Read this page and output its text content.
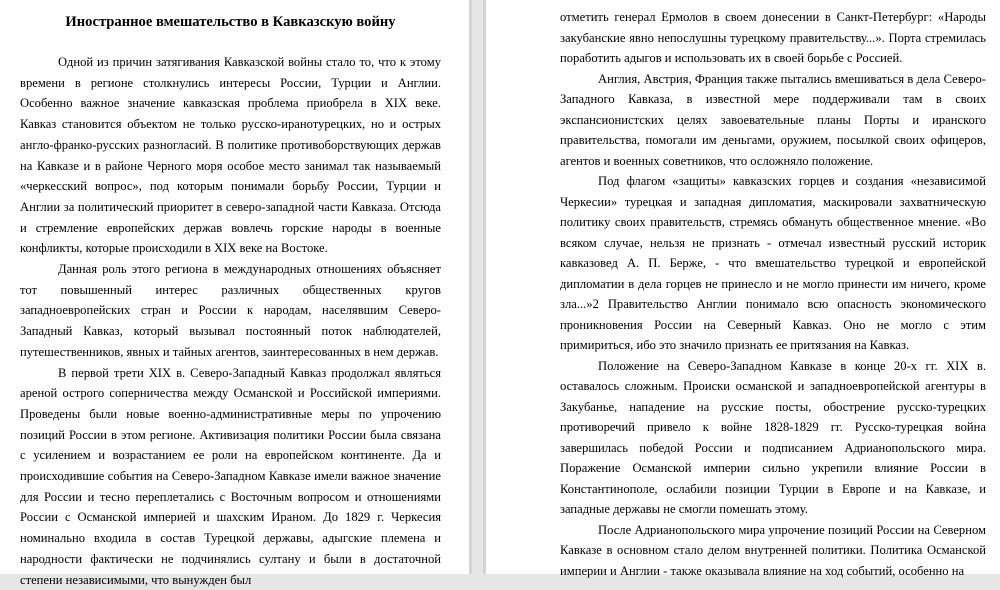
Иностранное вмешательство в Кавказскую войну

Одной из причин затягивания Кавказской войны стало то, что к этому времени в регионе столкнулись интересы России, Турции и Англии. Особенно важное значение кавказская проблема приобрела в XIX веке. Кавказ становится объектом не только русско-иранотурецких, но и острых англо-франко-русских разногласий. В политике противоборствующих держав на Кавказе и в районе Черного моря особое место занимал так называемый «черкесский вопрос», под которым понимали борьбу России, Турции и Англии за политический приоритет в северо-западной части Кавказа. Отсюда и стремление европейских держав вовлечь горские народы в военные конфликты, которые происходили в XIX веке на Востоке.

Данная роль этого региона в международных отношениях объясняет тот повышенный интерес различных общественных кругов западноевропейских стран и России к народам, населявшим Северо-Западный Кавказ, который вызывал постоянный поток наблюдателей, путешественников, явных и тайных агентов, заинтересованных в нем держав.

В первой трети XIX в. Северо-Западный Кавказ продолжал являться ареной острого соперничества между Османской и Российской империями. Проведены были новые военно-административные меры по упрочению позиций России в этом регионе. Активизация политики России была связана с усилением и возрастанием ее роли на европейском континенте. Да и происходившие события на Северо-Западном Кавказе имели важное значение для России и тесно переплетались с Восточным вопросом и отношениями России с Османской империей и шахским Ираном. До 1829 г. Черкесия номинально входила в состав Турецкой державы, адыгские племена и народности фактически не подчинялись султану и были в достаточной степени независимыми, что вынужден был

отметить генерал Ермолов в своем донесении в Санкт-Петербург: «Народы закубанские явно непослушны турецкому правительству...». Порта стремилась поработить адыгов и использовать их в своей борьбе с Россией.

Англия, Австрия, Франция также пытались вмешиваться в дела Северо-Западного Кавказа, в известной мере поддерживали там в своих экспансионистских целях завоевательные планы Порты и иранского правительства, помогали им деньгами, оружием, посылкой своих офицеров, агентов и военных советников, что осложняло положение.

Под флагом «защиты» кавказских горцев и создания «независимой Черкесии» турецкая и западная дипломатия, маскировали захватническую политику своих правительств, стремясь обмануть общественное мнение. «Во всяком случае, нельзя не признать - отмечал известный русский историк кавказовед А. П. Берже, - что вмешательство турецкой и европейской дипломатии в дела горцев не принесло и не могло принести им ничего, кроме зла...»2 Правительство Англии понимало всю опасность экономического проникновения России на Северный Кавказ. Оно не могло с этим примириться, ибо это значило признать ее притязания на Кавказ.

Положение на Северо-Западном Кавказе в конце 20-х гг. XIX в. оставалось сложным. Происки османской и западноевропейской агентуры в Закубанье, нападение на русские посты, обострение русско-турецких противоречий привело к войне 1828-1829 гг. Русско-турецкая война завершилась победой России и подписанием Адрианопольского мира. Поражение Османской империи сильно укрепили влияние России в Константинополе, ослабили позиции Турции в Европе и на Кавказе, и западные державы не смогли помешать этому.

После Адрианопольского мира упрочение позиций России на Северном Кавказе в основном стало делом внутренней политики. Политика Османской империи и Англии - также оказывала влияние на ход событий, особенно на
